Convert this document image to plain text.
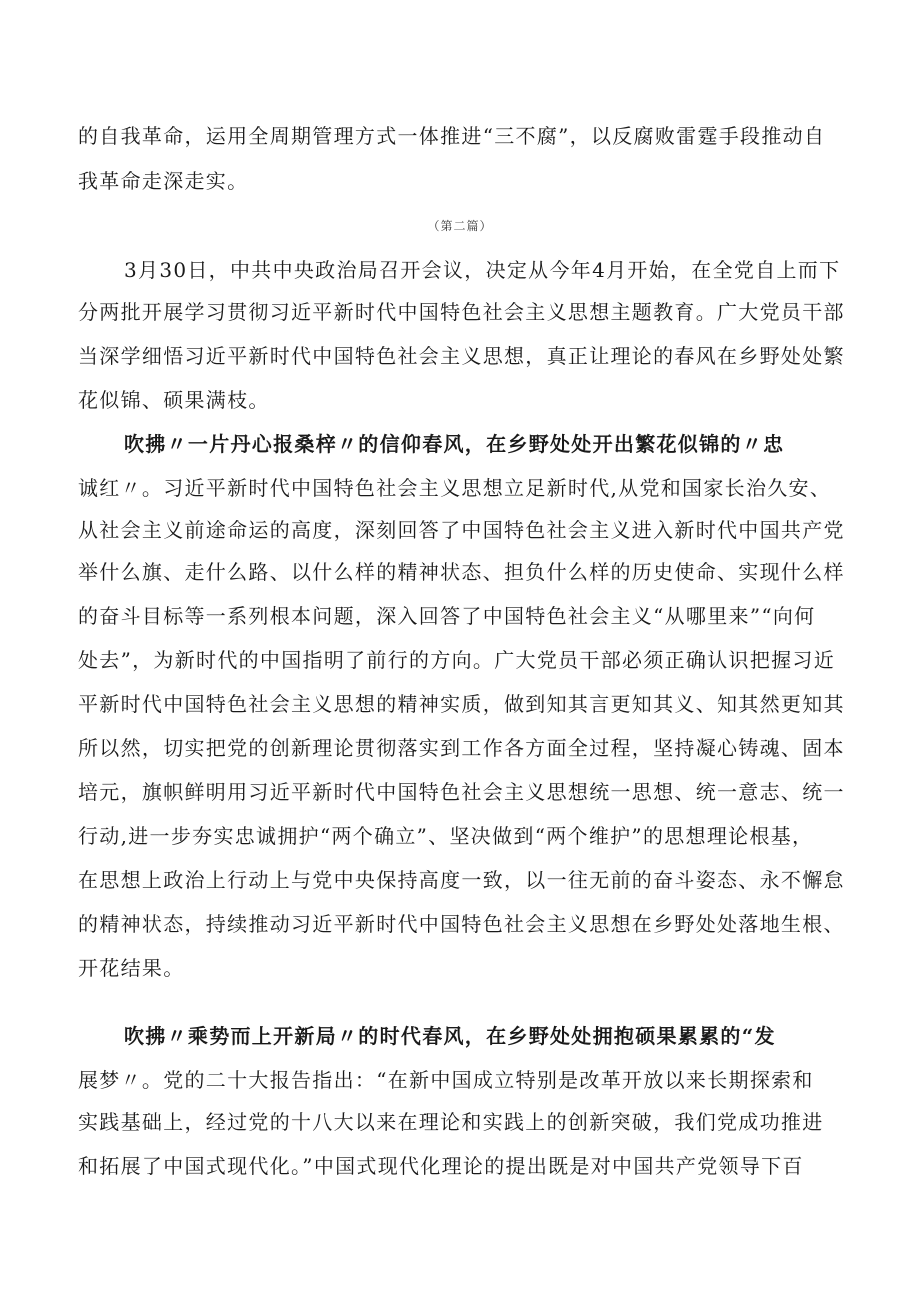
的自我革命，运用全周期管理方式一体推进“三不腐”，以反腐败雷霆手段推动自
我革命走深走实。
（第二篇）
3月30日，中共中央政治局召开会议，决定从今年4月开始，在全党自上而下
分两批开展学习贯彻习近平新时代中国特色社会主义思想主题教育。广大党员干部
当深学细悟习近平新时代中国特色社会主义思想，真正让理论的春风在乡野处处繁
花似锦、硕果满枝。
吹拂〃一片丹心报桑梓〃的信仰春风，在乡野处处开出繁花似锦的〃忠
诚红〃。习近平新时代中国特色社会主义思想立足新时代,从党和国家长治久安、
从社会主义前途命运的高度，深刻回答了中国特色社会主义进入新时代中国共产党
举什么旗、走什么路、以什么样的精神状态、担负什么样的历史使命、实现什么样
的奋斗目标等一系列根本问题，深入回答了中国特色社会主义“从哪里来”“向何
处去”，为新时代的中国指明了前行的方向。广大党员干部必须正确认识把握习近
平新时代中国特色社会主义思想的精神实质，做到知其言更知其义、知其然更知其
所以然，切实把党的创新理论贯彻落实到工作各方面全过程，坚持凝心铸魂、固本
培元，旗帜鲜明用习近平新时代中国特色社会主义思想统一思想、统一意志、统一
行动,进一步夯实忠诚拥护“两个确立”、坚决做到“两个维护”的思想理论根基，
在思想上政治上行动上与党中央保持高度一致，以一往无前的奋斗姿态、永不懈怠
的精神状态，持续推动习近平新时代中国特色社会主义思想在乡野处处落地生根、
开花结果。
吹拂〃乘势而上开新局〃的时代春风，在乡野处处拥抱硕果累累的“发
展梦〃。党的二十大报告指出：“在新中国成立特别是改革开放以来长期探索和
实践基础上，经过党的十八大以来在理论和实践上的创新突破，我们党成功推进
和拓展了中国式现代化。”中国式现代化理论的提出既是对中国共产党领导下百
